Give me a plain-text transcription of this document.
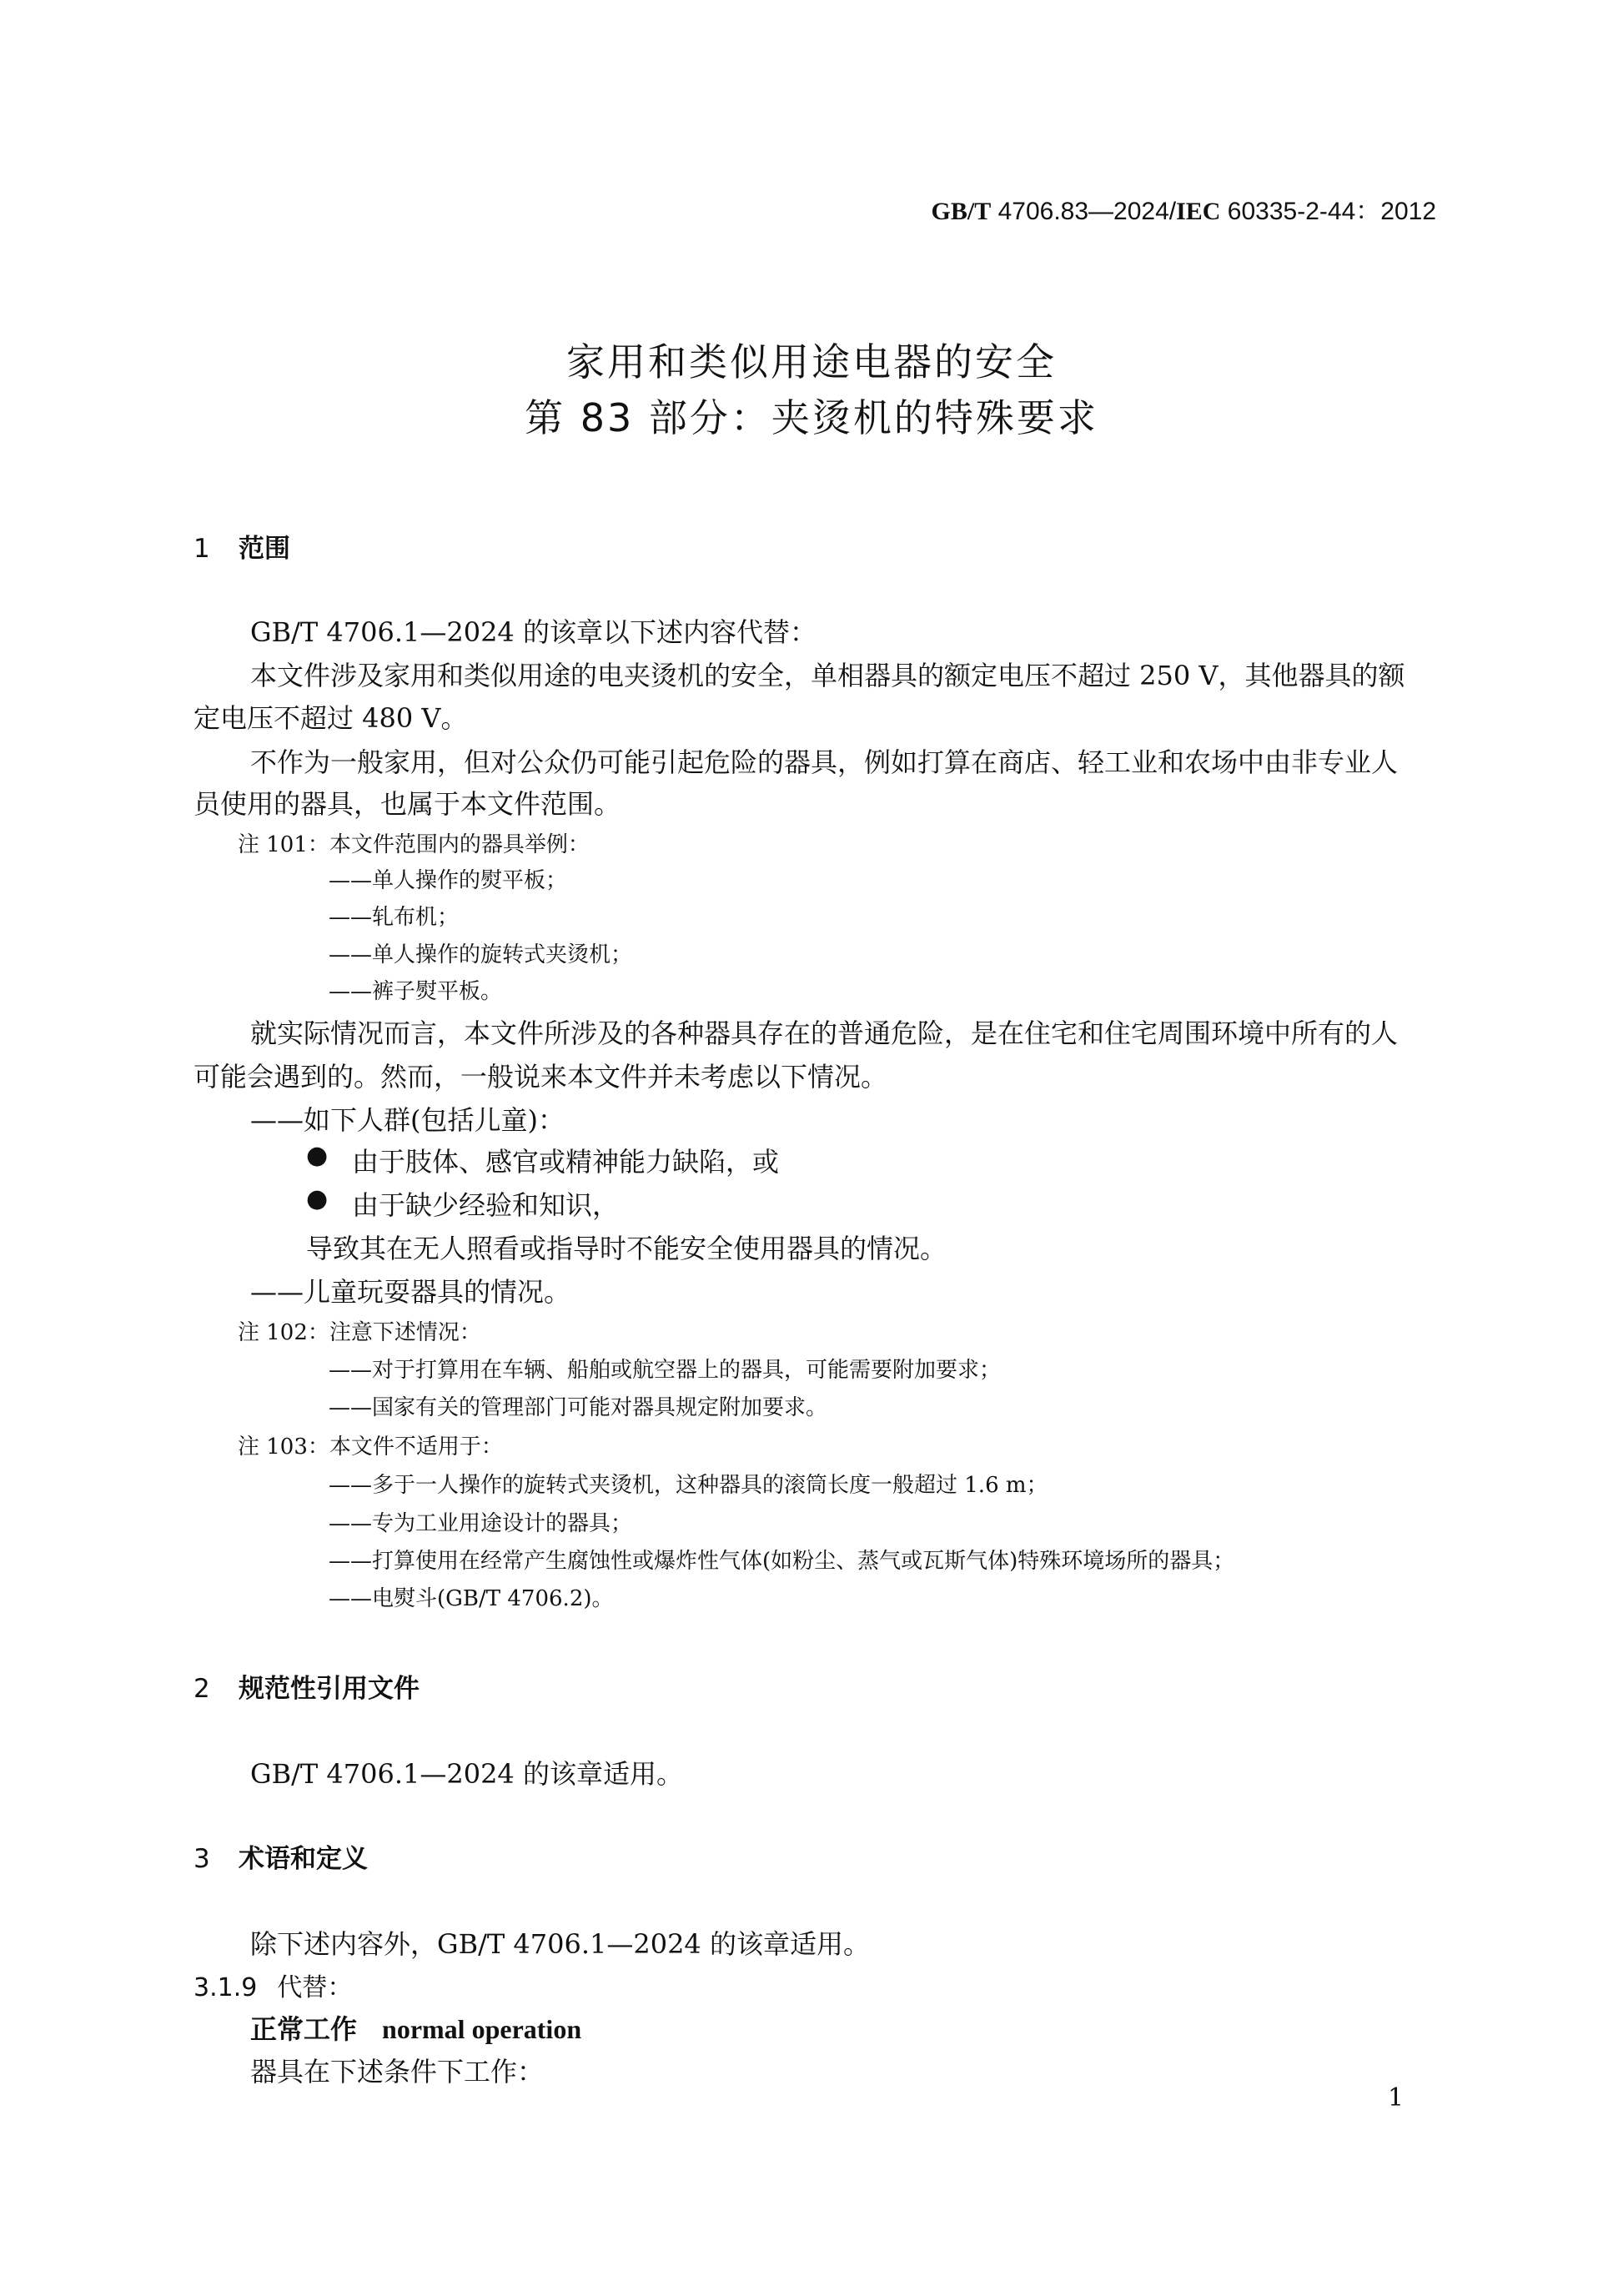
GB/T 4706.83—2024/IEC 60335-2-44：2012
家用和类似用途电器的安全
第 83 部分：夹烫机的特殊要求
1 范围
GB/T 4706.1—2024 的该章以下述内容代替：
本文件涉及家用和类似用途的电夹烫机的安全，单相器具的额定电压不超过 250 V，其他器具的额
定电压不超过 480 V。
不作为一般家用，但对公众仍可能引起危险的器具，例如打算在商店、轻工业和农场中由非专业人
员使用的器具，也属于本文件范围。
注 101：本文件范围内的器具举例：
——单人操作的熨平板；
——轧布机；
——单人操作的旋转式夹烫机；
——裤子熨平板。
就实际情况而言，本文件所涉及的各种器具存在的普通危险，是在住宅和住宅周围环境中所有的人
可能会遇到的。然而，一般说来本文件并未考虑以下情况。
——如下人群(包括儿童)：
● 由于肢体、感官或精神能力缺陷，或
● 由于缺少经验和知识，
导致其在无人照看或指导时不能安全使用器具的情况。
——儿童玩耍器具的情况。
注 102：注意下述情况：
——对于打算用在车辆、船舶或航空器上的器具，可能需要附加要求；
——国家有关的管理部门可能对器具规定附加要求。
注 103：本文件不适用于：
——多于一人操作的旋转式夹烫机，这种器具的滚筒长度一般超过 1.6 m；
——专为工业用途设计的器具；
——打算使用在经常产生腐蚀性或爆炸性气体(如粉尘、蒸气或瓦斯气体)特殊环境场所的器具；
——电熨斗(GB/T 4706.2)。
2 规范性引用文件
GB/T 4706.1—2024 的该章适用。
3 术语和定义
除下述内容外，GB/T 4706.1—2024 的该章适用。
3.1.9 代替：
正常工作 normal operation
器具在下述条件下工作：
1
